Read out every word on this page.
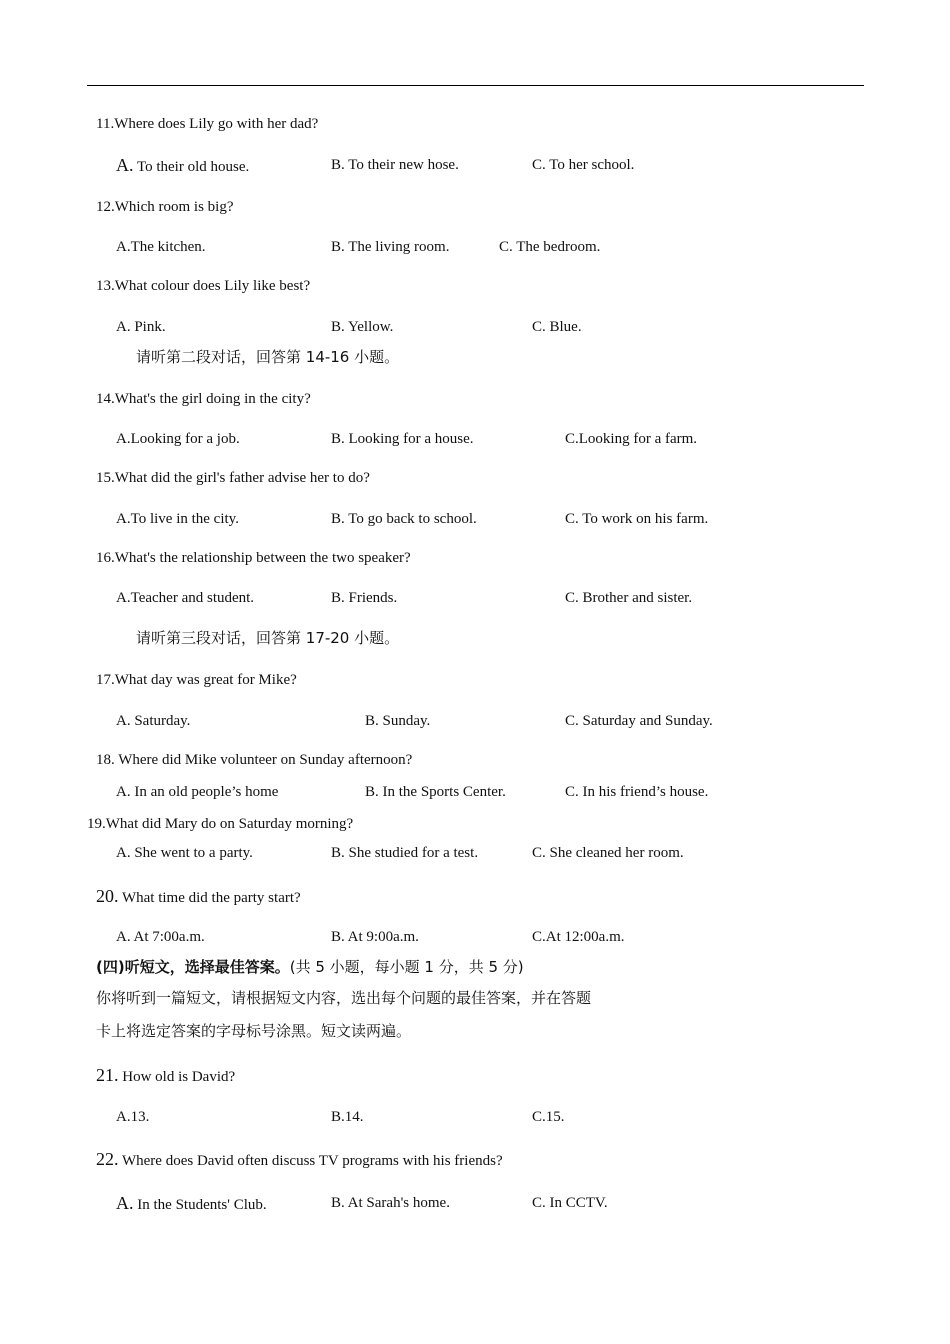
11.Where does Lily go with her dad?
A. To their old house.	B. To their new hose.	C. To her school.
12.Which room is big?
A.The kitchen.	B. The living room.	C. The bedroom.
13.What colour does Lily like best?
A. Pink.	B. Yellow.	C. Blue.
请听第二段对话，回答第 14-16 小题。
14.What's the girl doing in the city?
A.Looking for a job.	B. Looking for a house.	C.Looking for a farm.
15.What did the girl's father advise her to do?
A.To live in the city.	B. To go back to school.	C. To work on his farm.
16.What's the relationship between the two speaker?
A.Teacher and student.	B. Friends.	C. Brother and sister.
请听第三段对话，回答第 17-20 小题。
17.What day was great for Mike?
A. Saturday.	B. Sunday.	C. Saturday and Sunday.
18. Where did Mike volunteer on Sunday afternoon?
A. In an old people’s home	B. In the Sports Center.	C. In his friend’s house.
19.What did Mary do on Saturday morning?
A. She went to a party.	B. She studied for a test.	C. She cleaned her room.
20. What time did the party start?
A. At 7:00a.m.	B. At 9:00a.m.	C.At 12:00a.m.
(四)听短文，选择最佳答案。(共 5 小题，每小题 1 分，共 5 分)
你将听到一篇短文，请根据短文内容，选出每个问题的最佳答案，并在答题
卡上将选定答案的字母标号涂黑。短文读两遍。
21. How old is David?
A.13.	B.14.	C.15.
22. Where does David often discuss TV programs with his friends?
A. In the Students' Club.	B. At Sarah's home.	C. In CCTV.
